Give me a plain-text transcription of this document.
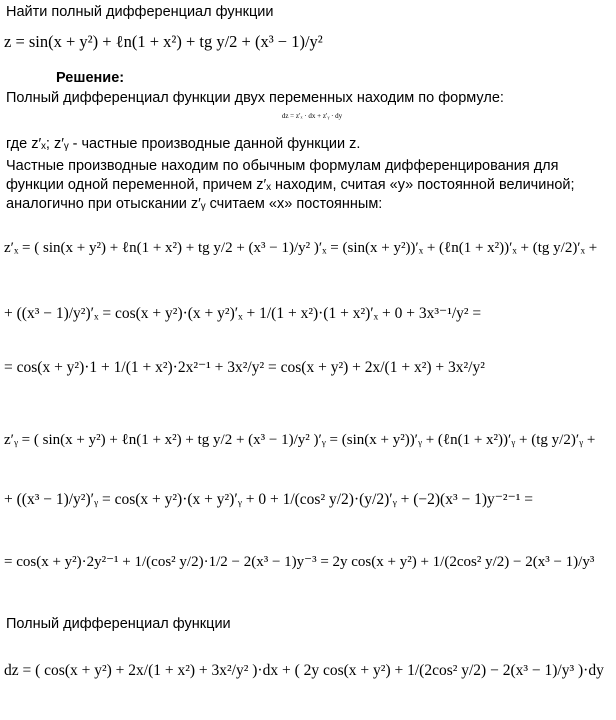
Найти полный дифференциал функции
z = sin(x + y²) + ℓn(1 + x²) + tg y/2 + (x³ − 1)/y²
Решение:
Полный дифференциал функции двух переменных находим по формуле:
dz = z′ₓ · dx + z′ᵧ · dy
где z′ₓ; z′ᵧ - частные производные данной функции z.
Частные производные находим по обычным формулам дифференцирования для
функции одной переменной, причем z′ₓ находим, считая «у» постоянной величиной;
аналогично при отыскании z′ᵧ считаем «х» постоянным:
z′ₓ = ( sin(x + y²) + ℓn(1 + x²) + tg y/2 + (x³ − 1)/y² )′ₓ = (sin(x + y²))′ₓ + (ℓn(1 + x²))′ₓ + (tg y/2)′ₓ +
+ ((x³ − 1)/y²)′ₓ = cos(x + y²)·(x + y²)′ₓ + 1/(1 + x²)·(1 + x²)′ₓ + 0 + 3x³⁻¹/y² =
= cos(x + y²)·1 + 1/(1 + x²)·2x²⁻¹ + 3x²/y² = cos(x + y²) + 2x/(1 + x²) + 3x²/y²
z′ᵧ = ( sin(x + y²) + ℓn(1 + x²) + tg y/2 + (x³ − 1)/y² )′ᵧ = (sin(x + y²))′ᵧ + (ℓn(1 + x²))′ᵧ + (tg y/2)′ᵧ +
+ ((x³ − 1)/y²)′ᵧ = cos(x + y²)·(x + y²)′ᵧ + 0 + 1/(cos² y/2)·(y/2)′ᵧ + (−2)(x³ − 1)y⁻²⁻¹ =
= cos(x + y²)·2y²⁻¹ + 1/(cos² y/2)·1/2 − 2(x³ − 1)y⁻³ = 2y cos(x + y²) + 1/(2cos² y/2) − 2(x³ − 1)/y³
Полный дифференциал функции
dz = ( cos(x + y²) + 2x/(1 + x²) + 3x²/y² )·dx + ( 2y cos(x + y²) + 1/(2cos² y/2) − 2(x³ − 1)/y³ )·dy
